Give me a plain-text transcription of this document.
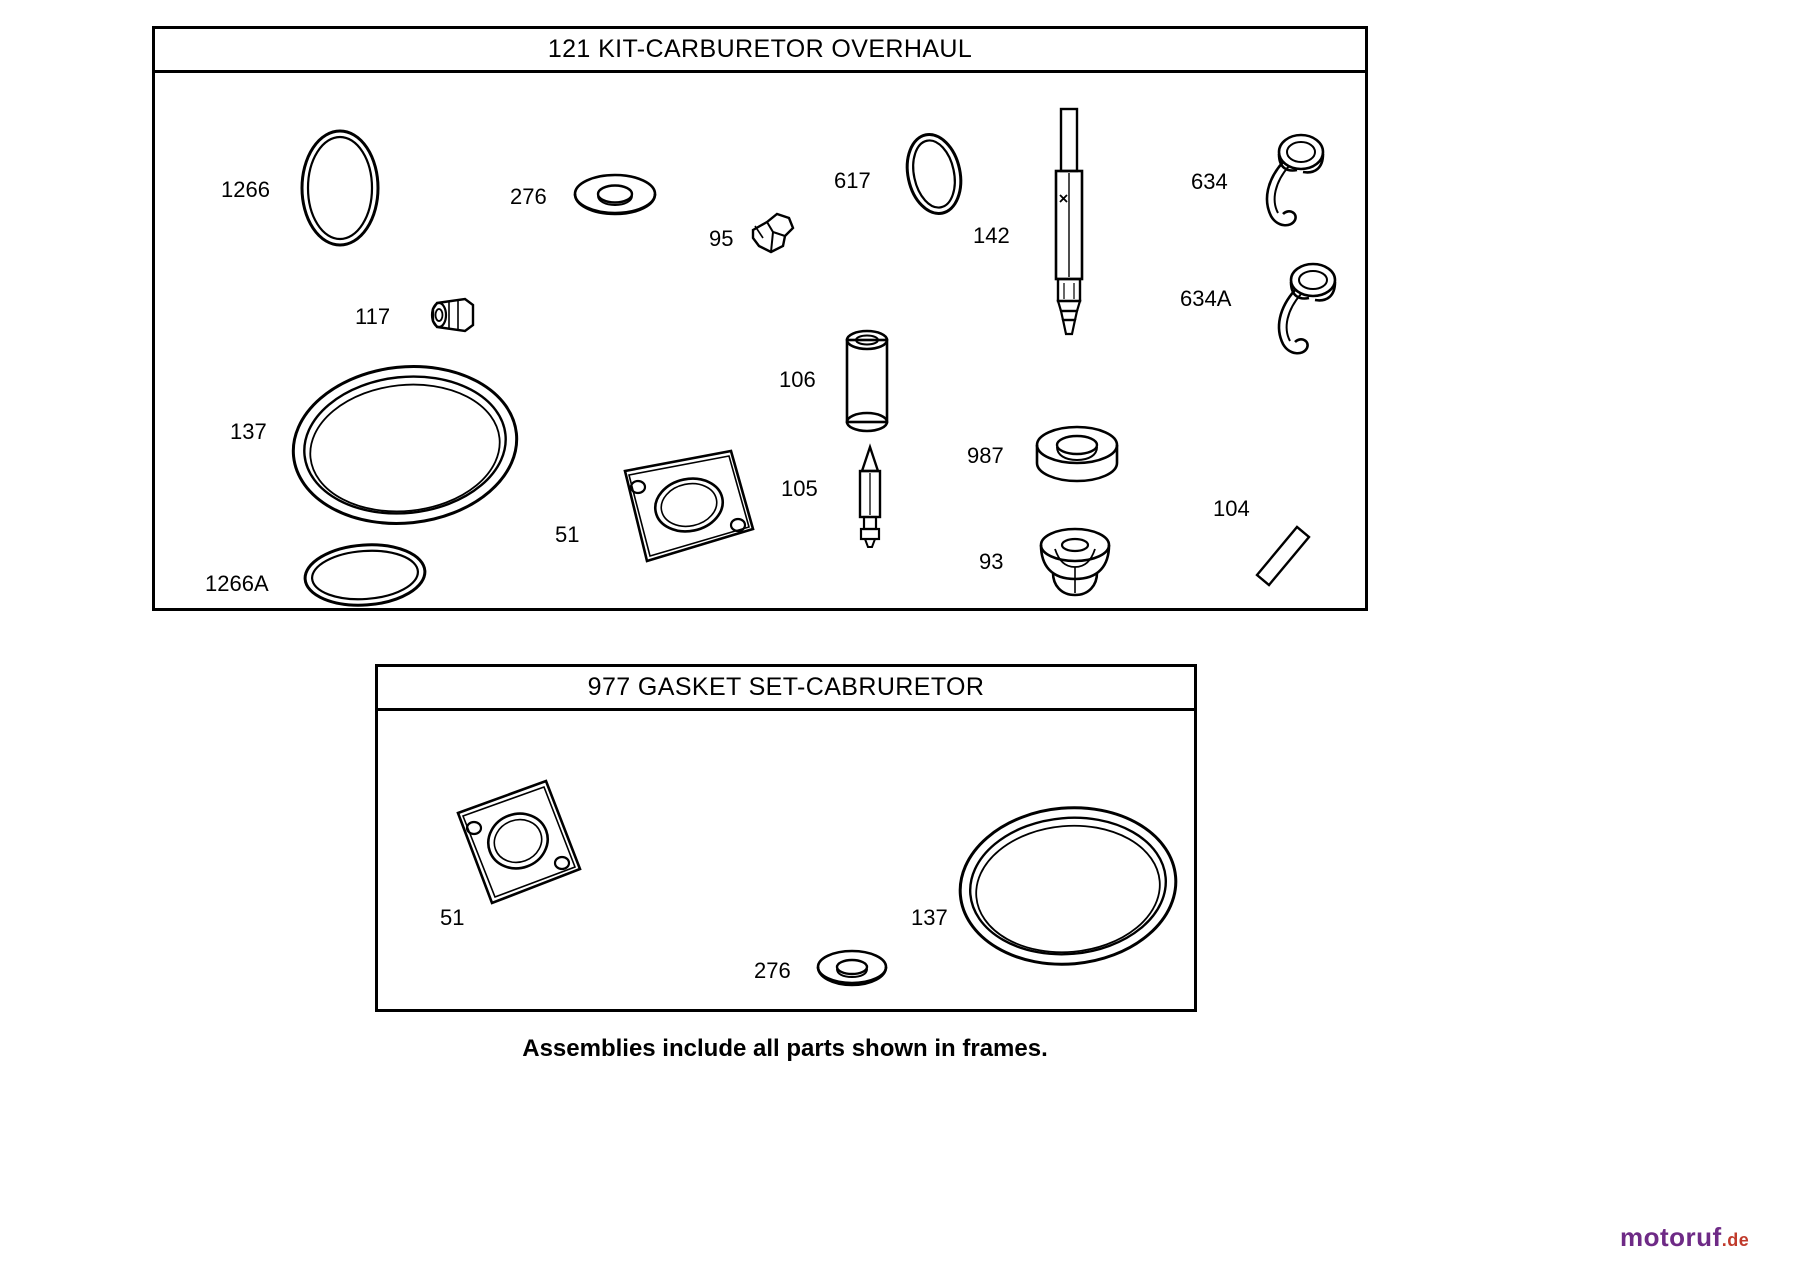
121 KIT-CARBURETOR OVERHAUL
1266	276
95
617
142
634
634A
117
137
106
987
105
51
93
104
1266A
977 GASKET SET-CABRURETOR
51
276
137
Assemblies include all parts shown in frames.
motoruf.de
